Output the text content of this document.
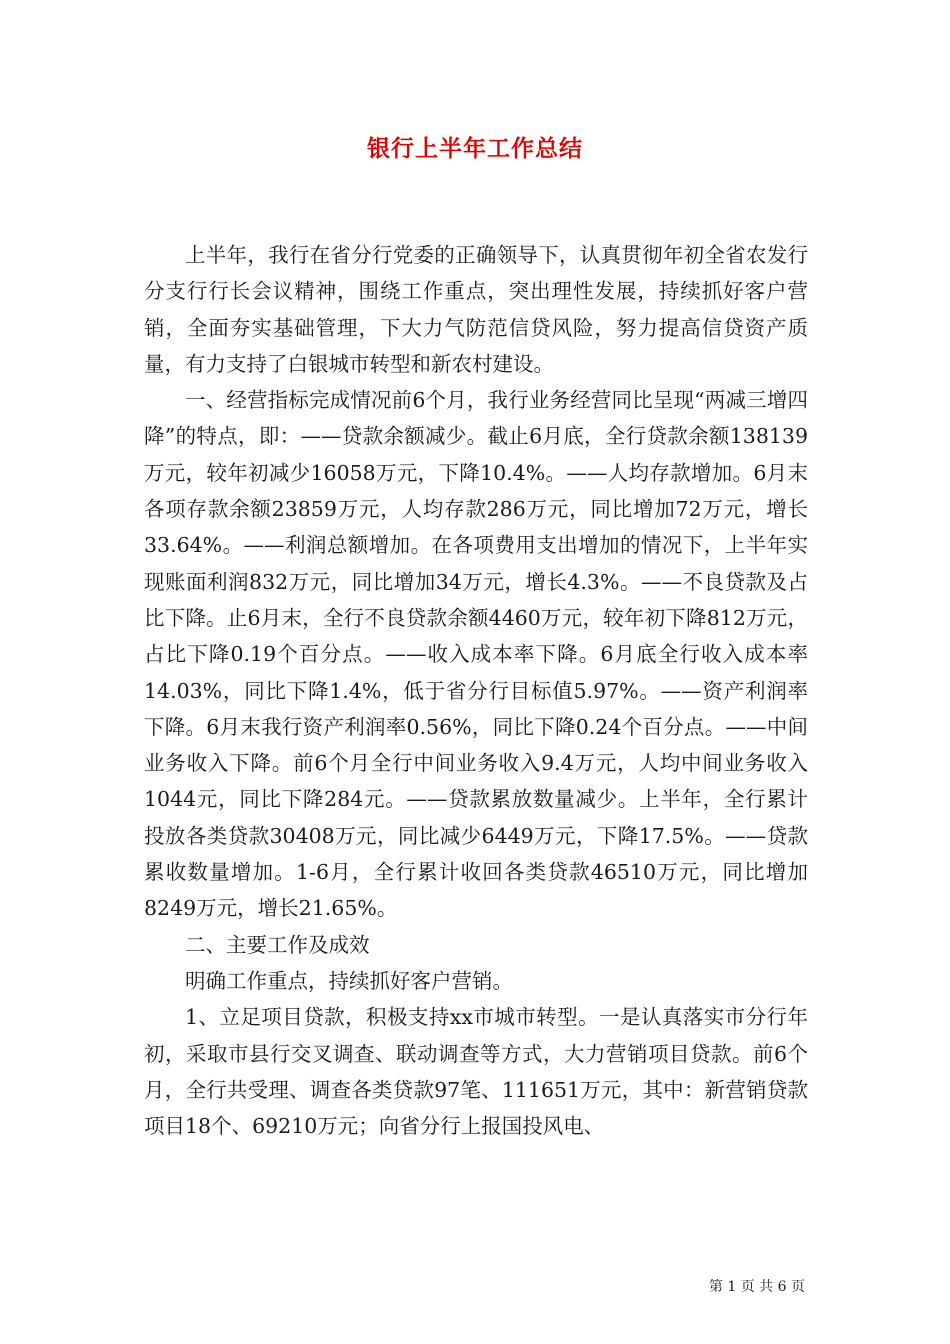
银行上半年工作总结

上半年，我行在省分行党委的正确领导下，认真贯彻年初全省农发行分支行行长会议精神，围绕工作重点，突出理性发展，持续抓好客户营销，全面夯实基础管理，下大力气防范信贷风险，努力提高信贷资产质量，有力支持了白银城市转型和新农村建设。

一、经营指标完成情况前6个月，我行业务经营同比呈现“两减三增四降”的特点，即：——贷款余额减少。截止6月底，全行贷款余额138139万元，较年初减少16058万元，下降10.4%。——人均存款增加。6月末各项存款余额23859万元，人均存款286万元，同比增加72万元，增长33.64%。——利润总额增加。在各项费用支出增加的情况下，上半年实现账面利润832万元，同比增加34万元，增长4.3%。——不良贷款及占比下降。止6月末，全行不良贷款余额4460万元，较年初下降812万元，占比下降0.19个百分点。——收入成本率下降。6月底全行收入成本率14.03%，同比下降1.4%，低于省分行目标值5.97%。——资产利润率下降。6月末我行资产利润率0.56%，同比下降0.24个百分点。——中间业务收入下降。前6个月全行中间业务收入9.4万元，人均中间业务收入1044元，同比下降284元。——贷款累放数量减少。上半年，全行累计投放各类贷款30408万元，同比减少6449万元，下降17.5%。——贷款累收数量增加。1-6月，全行累计收回各类贷款46510万元，同比增加8249万元，增长21.65%。

二、主要工作及成效

明确工作重点，持续抓好客户营销。

1、立足项目贷款，积极支持xx市城市转型。一是认真落实市分行年初，采取市县行交叉调查、联动调查等方式，大力营销项目贷款。前6个月，全行共受理、调查各类贷款97笔、111651万元，其中：新营销贷款项目18个、69210万元；向省分行上报国投风电、

第 1 页 共 6 页
